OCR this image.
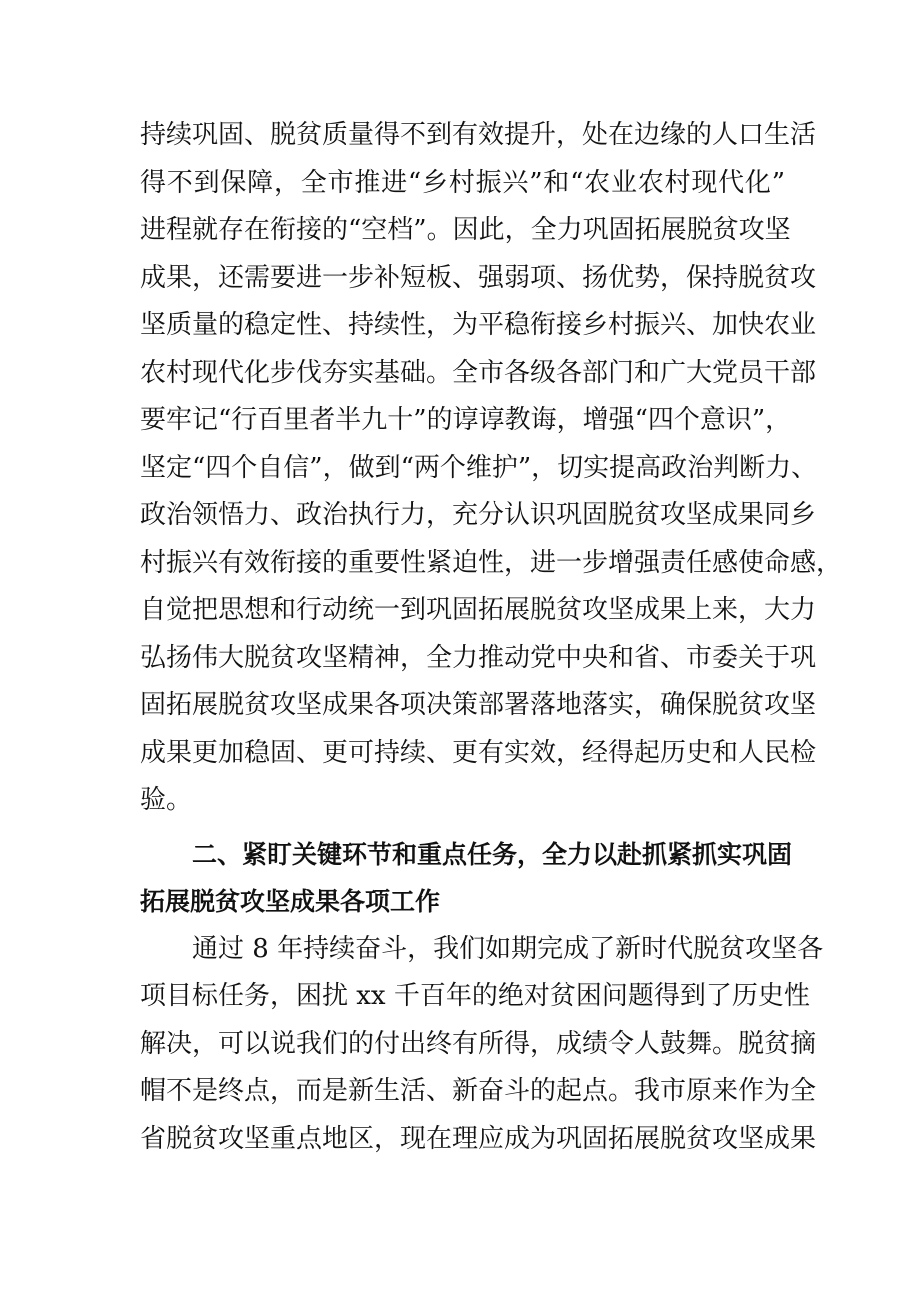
持续巩固、脱贫质量得不到有效提升，处在边缘的人口生活
得不到保障，全市推进“乡村振兴”和“农业农村现代化”
进程就存在衔接的“空档”。因此，全力巩固拓展脱贫攻坚
成果，还需要进一步补短板、强弱项、扬优势，保持脱贫攻
坚质量的稳定性、持续性，为平稳衔接乡村振兴、加快农业
农村现代化步伐夯实基础。全市各级各部门和广大党员干部
要牢记“行百里者半九十”的谆谆教诲，增强“四个意识”，
坚定“四个自信”，做到“两个维护”，切实提高政治判断力、
政治领悟力、政治执行力，充分认识巩固脱贫攻坚成果同乡
村振兴有效衔接的重要性紧迫性，进一步增强责任感使命感，
自觉把思想和行动统一到巩固拓展脱贫攻坚成果上来，大力
弘扬伟大脱贫攻坚精神，全力推动党中央和省、市委关于巩
固拓展脱贫攻坚成果各项决策部署落地落实，确保脱贫攻坚
成果更加稳固、更可持续、更有实效，经得起历史和人民检
验。
二、紧盯关键环节和重点任务，全力以赴抓紧抓实巩固
拓展脱贫攻坚成果各项工作
通过 8 年持续奋斗，我们如期完成了新时代脱贫攻坚各
项目标任务，困扰 xx 千百年的绝对贫困问题得到了历史性
解决，可以说我们的付出终有所得，成绩令人鼓舞。脱贫摘
帽不是终点，而是新生活、新奋斗的起点。我市原来作为全
省脱贫攻坚重点地区，现在理应成为巩固拓展脱贫攻坚成果
